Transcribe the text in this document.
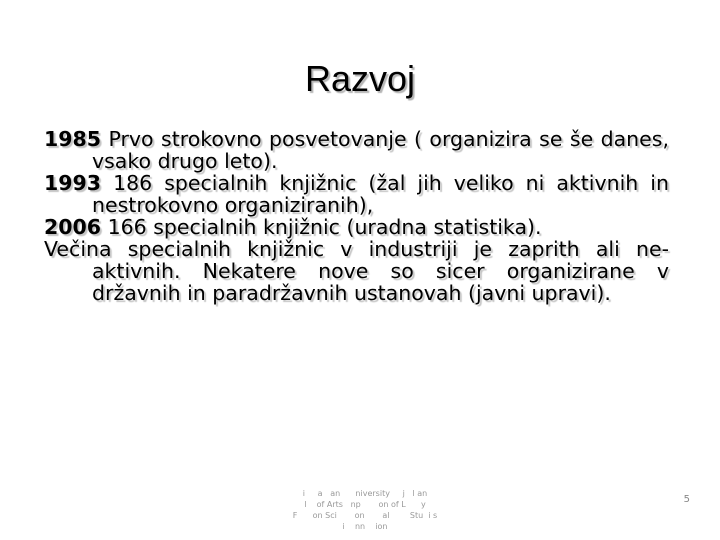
Razvoj

1985 Prvo strokovno posvetovanje ( organizira se še danes, vsako drugo leto).

1993 186 specialnih knjižnic (žal jih veliko ni aktivnih in nestrokovno organiziranih),

2006 166 specialnih knjižnic (uradna statistika).

Večina specialnih knjižnic v industriji je zaprith ali ne-aktivnih. Nekatere nove so sicer organizirane v državnih in paradržavnih ustanovah (javni upravi).

i     a   an      niversity     j   l an
l    of Arts   np       on of L      y
F      on Sci       on       al        Stu  i s
i    nn    ion
5
